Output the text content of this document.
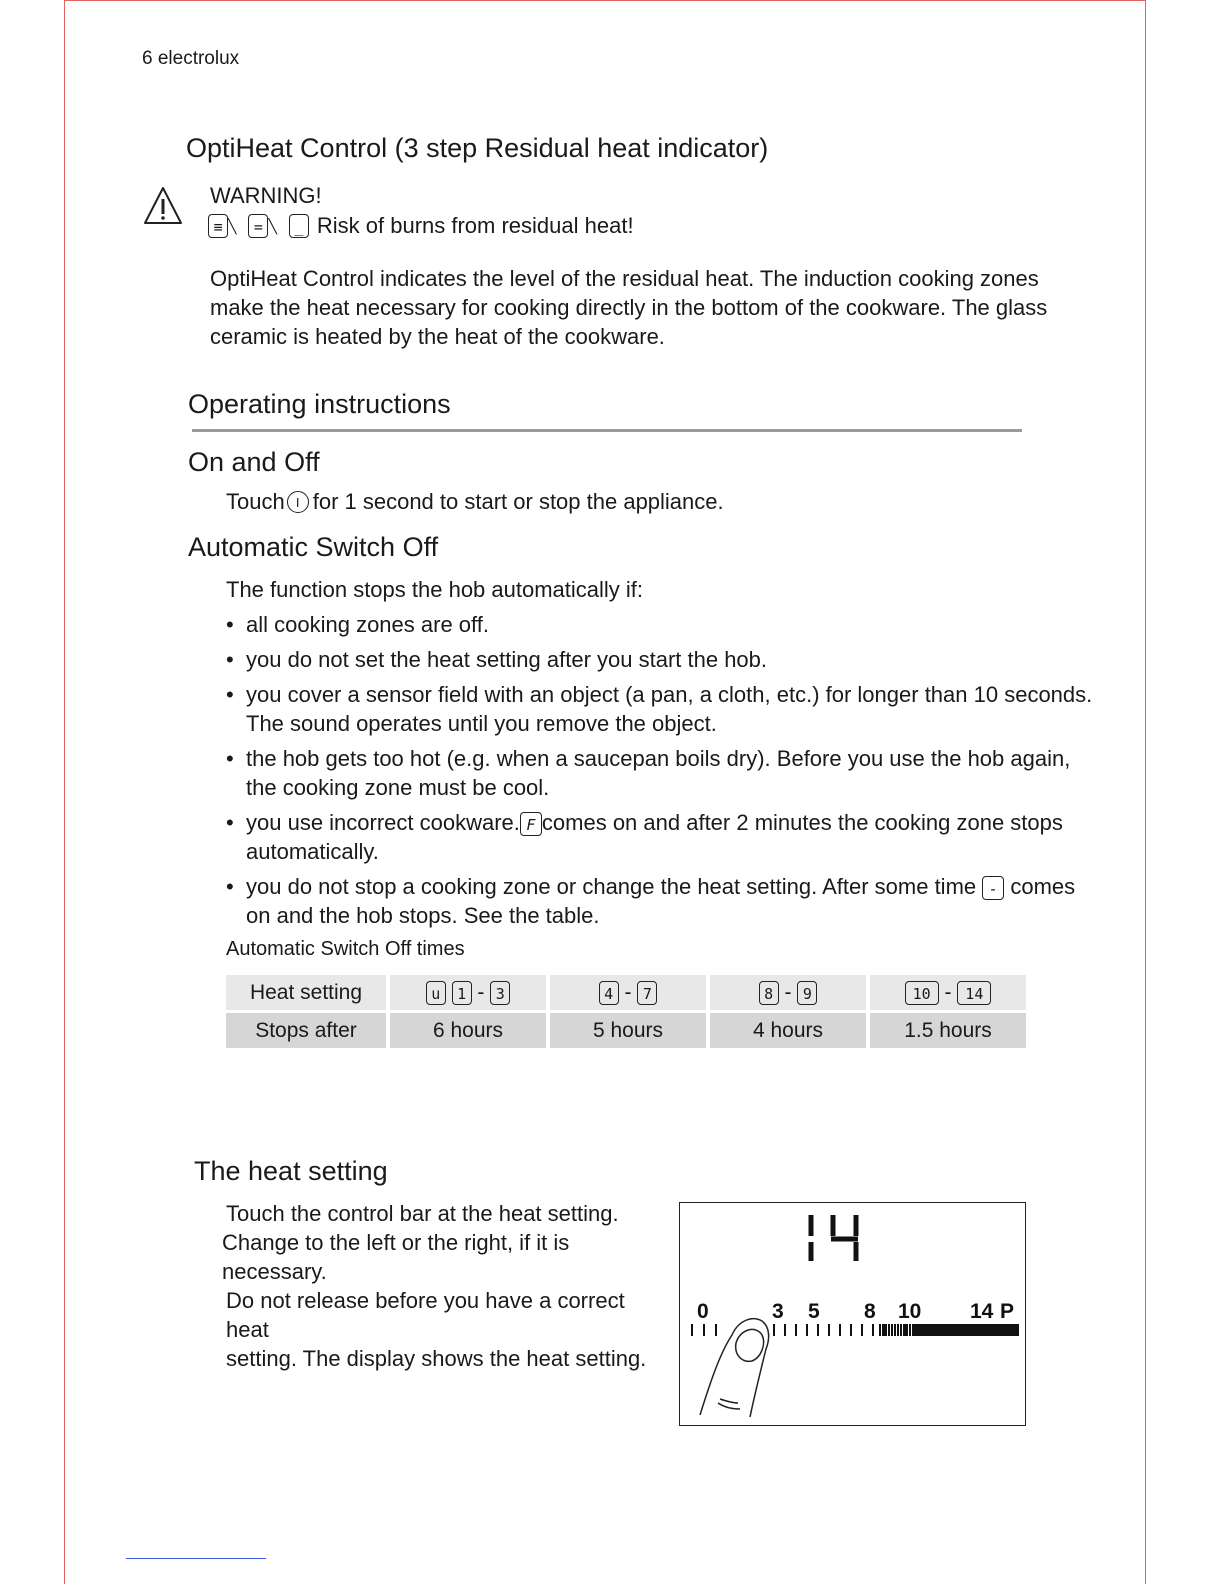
6 electrolux
OptiHeat Control (3 step Residual heat indicator)
WARNING!
≡ ╲	= ╲	_ Risk of burns from residual heat!
OptiHeat Control indicates the level of the residual heat. The induction cooking zones make the heat necessary for cooking directly in the bottom of the cookware. The glass ceramic is heated by the heat of the cookware.
Operating instructions
On and Off
Touch I for 1 second to start or stop the appliance.
Automatic Switch Off
The function stops the hob automatically if:
• all cooking zones are off.
• you do not set the heat setting after you start the hob.
• you cover a sensor field with an object (a pan, a cloth, etc.) for longer than 10 seconds. The sound operates until you remove the object.
• the hob gets too hot (e.g. when a saucepan boils dry). Before you use the hob again, the cooking zone must be cool.
• you use incorrect cookware. F comes on and after 2 minutes the cooking zone stops automatically.
• you do not stop a cooking zone or change the heat setting. After some time - comes on and the hob stops. See the table.
Automatic Switch Off times
Heat setting	u 1 - 3	4 - 7	8 - 9	10 - 14
Stops after	6 hours	5 hours	4 hours	1.5 hours
The heat setting
Touch the control bar at the heat setting.
Change to the left or the right, if it is necessary.
Do not release before you have a correct heat
setting. The display shows the heat setting.
14
0	3 5 8 10 14 P
